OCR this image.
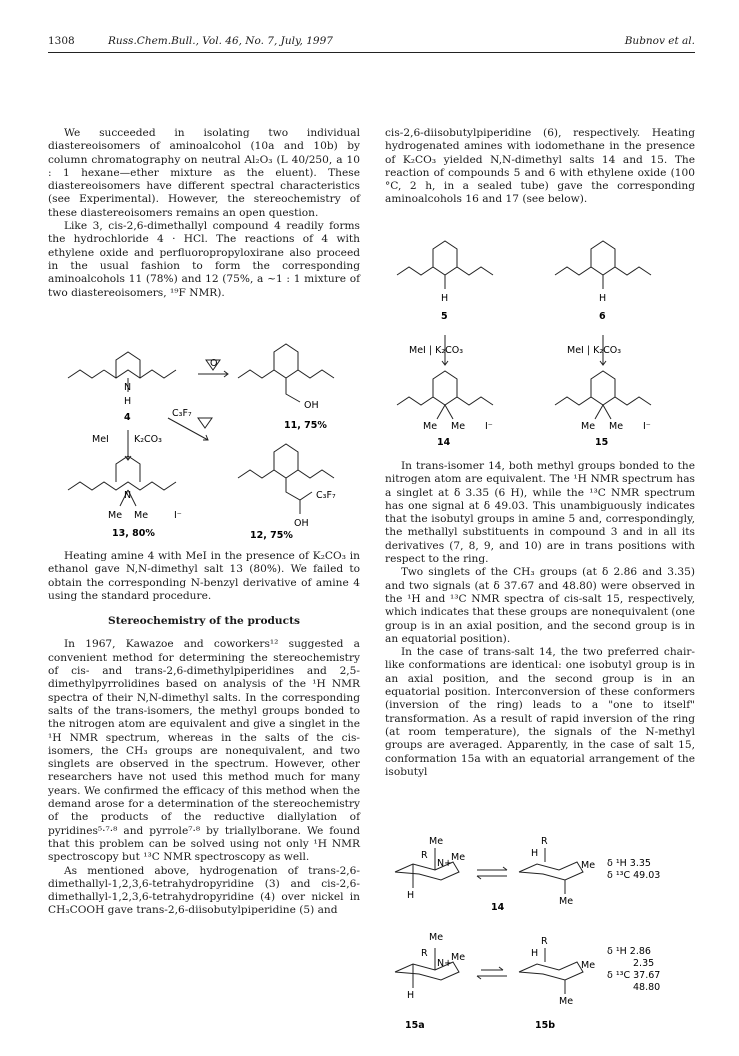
1308	Russ.Chem.Bull., Vol. 46, No. 7, July, 1997	Bubnov et al.

We succeeded in isolating two individual diastereoisomers of aminoalcohol (10a and 10b) by column chromatography on neutral Al₂O₃ (L 40/250, a 10 : 1 hexane—ether mixture as the eluent). These diastereoisomers have different spectral characteristics (see Experimental). However, the stereochemistry of these diastereoisomers remains an open question.

Like 3, cis-2,6-dimethallyl compound 4 readily forms the hydrochloride 4 · HCl. The reactions of 4 with ethylene oxide and perfluoropropyloxirane also proceed in the usual fashion to form the corresponding aminoalcohols 11 (78%) and 12 (75%, a ~1 : 1 mixture of two diastereoisomers, ¹⁹F NMR).

N
H
4
O
OH
11, 75%
C₃F₇
MeI	K₂CO₃
N
Me Me	I⁻
13, 80%
C₃F₇
OH
12, 75%

Heating amine 4 with MeI in the presence of K₂CO₃ in ethanol gave N,N-dimethyl salt 13 (80%). We failed to obtain the corresponding N-benzyl derivative of amine 4 using the standard procedure.

Stereochemistry of the products

In 1967, Kawazoe and coworkers¹² suggested a convenient method for determining the stereochemistry of cis- and trans-2,6-dimethylpiperidines and 2,5-dimethylpyrrolidines based on analysis of the ¹H NMR spectra of their N,N-dimethyl salts. In the corresponding salts of the trans-isomers, the methyl groups bonded to the nitrogen atom are equivalent and give a singlet in the ¹H NMR spectrum, whereas in the salts of the cis-isomers, the CH₃ groups are nonequivalent, and two singlets are observed in the spectrum. However, other researchers have not used this method much for many years. We confirmed the efficacy of this method when the demand arose for a determination of the stereochemistry of the products of the reductive diallylation of pyridines⁵·⁷·⁸ and pyrrole⁷·⁸ by triallylborane. We found that this problem can be solved using not only ¹H NMR spectroscopy but ¹³C NMR spectroscopy as well.

As mentioned above, hydrogenation of trans-2,6-dimethallyl-1,2,3,6-tetrahydropyridine (3) and cis-2,6-dimethallyl-1,2,3,6-tetrahydropyridine (4) over nickel in CH₃COOH gave trans-2,6-diisobutylpiperidine (5) and

cis-2,6-diisobutylpiperidine (6), respectively. Heating hydrogenated amines with iodomethane in the presence of K₂CO₃ yielded N,N-dimethyl salts 14 and 15. The reaction of compounds 5 and 6 with ethylene oxide (100 °C, 2 h, in a sealed tube) gave the corresponding aminoalcohols 16 and 17 (see below).

H
5
H
6
MeI | K₂CO₃	MeI | K₂CO₃
Me Me I⁻
14
Me Me I⁻
15

In trans-isomer 14, both methyl groups bonded to the nitrogen atom are equivalent. The ¹H NMR spectrum has a singlet at δ 3.35 (6 H), while the ¹³C NMR spectrum has one signal at δ 49.03. This unambiguously indicates that the isobutyl groups in amine 5 and, correspondingly, the methallyl substituents in compound 3 and in all its derivatives (7, 8, 9, and 10) are in trans positions with respect to the ring.

Two singlets of the CH₃ groups (at δ 2.86 and 3.35) and two signals (at δ 37.67 and 48.80) were observed in the ¹H and ¹³C NMR spectra of cis-salt 15, respectively, which indicates that these groups are nonequivalent (one group is in an axial position, and the second group is in an equatorial position).

In the case of trans-salt 14, the two preferred chair-like conformations are identical: one isobutyl group is in an axial position, and the second group is in an equatorial position. Interconversion of these conformers (inversion of the ring) leads to a "one to itself" transformation. As a result of rapid inversion of the ring (at room temperature), the signals of the N-methyl groups are averaged. Apparently, in the case of salt 15, conformation 15a with an equatorial arrangement of the isobutyl

Me
R
N+
Me
H
R
H
Me
Me
δ ¹H 3.35
δ ¹³C 49.03
14
Me
R
N+
Me
H
R
H
Me
Me
δ ¹H 2.86
2.35
δ ¹³C 37.67
48.80
15a	15b
